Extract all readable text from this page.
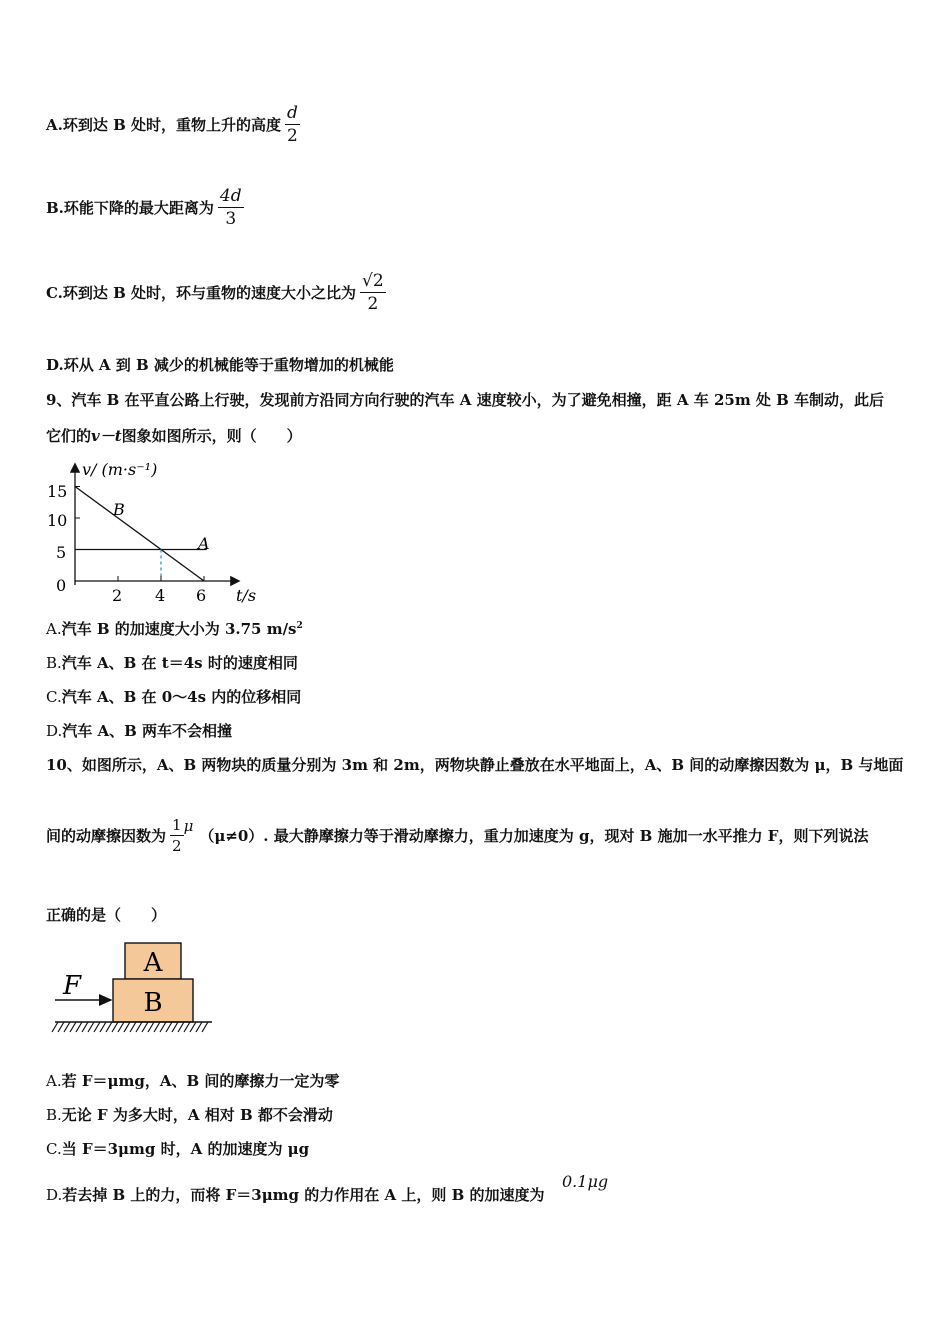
A.环到达 B 处时，重物上升的高度 $\frac{d}{2}$
B.环能下降的最大距离为 $\frac{4d}{3}$
C.环到达 B 处时，环与重物的速度大小之比为 $\frac{√2}{2}$
D.环从 A 到 B 减少的机械能等于重物增加的机械能
9、汽车 B 在平直公路上行驶，发现前方沿同方向行驶的汽车 A 速度较小，为了避免相撞，距 A 车 25m 处 B 车制动，此后
它们的v－t图象如图所示，则（　　）
v/ (m·s⁻¹)
t/s
15
10
5
0
2 4 6
B
A
A.汽车 B 的加速度大小为 3.75 $m/s^2$
B.汽车 A、B 在 t＝4s 时的速度相同
C.汽车 A、B 在 0～4s 内的位移相同
D.汽车 A、B 两车不会相撞
10、如图所示，A、B 两物块的质量分别为 3m 和 2m，两物块静止叠放在水平地面上，A、B 间的动摩擦因数为 μ，B 与地面
间的动摩擦因数为 $\frac{1}{2} \mu(\mu\ne 0)$. 最大静摩擦力等于滑动摩擦力，重力加速度为 g，现对 B 施加一水平推力 F，则下列说法
正确的是（　　）
A
B
F
A.若 F＝μmg，A、B 间的摩擦力一定为零
B.无论 F 为多大时，A 相对 B 都不会滑动
C.当 F＝3μmg 时，A 的加速度为 μg
D.若去掉 B 上的力，而将 F＝3μmg 的力作用在 A 上，则 B 的加速度为
0.1μg
